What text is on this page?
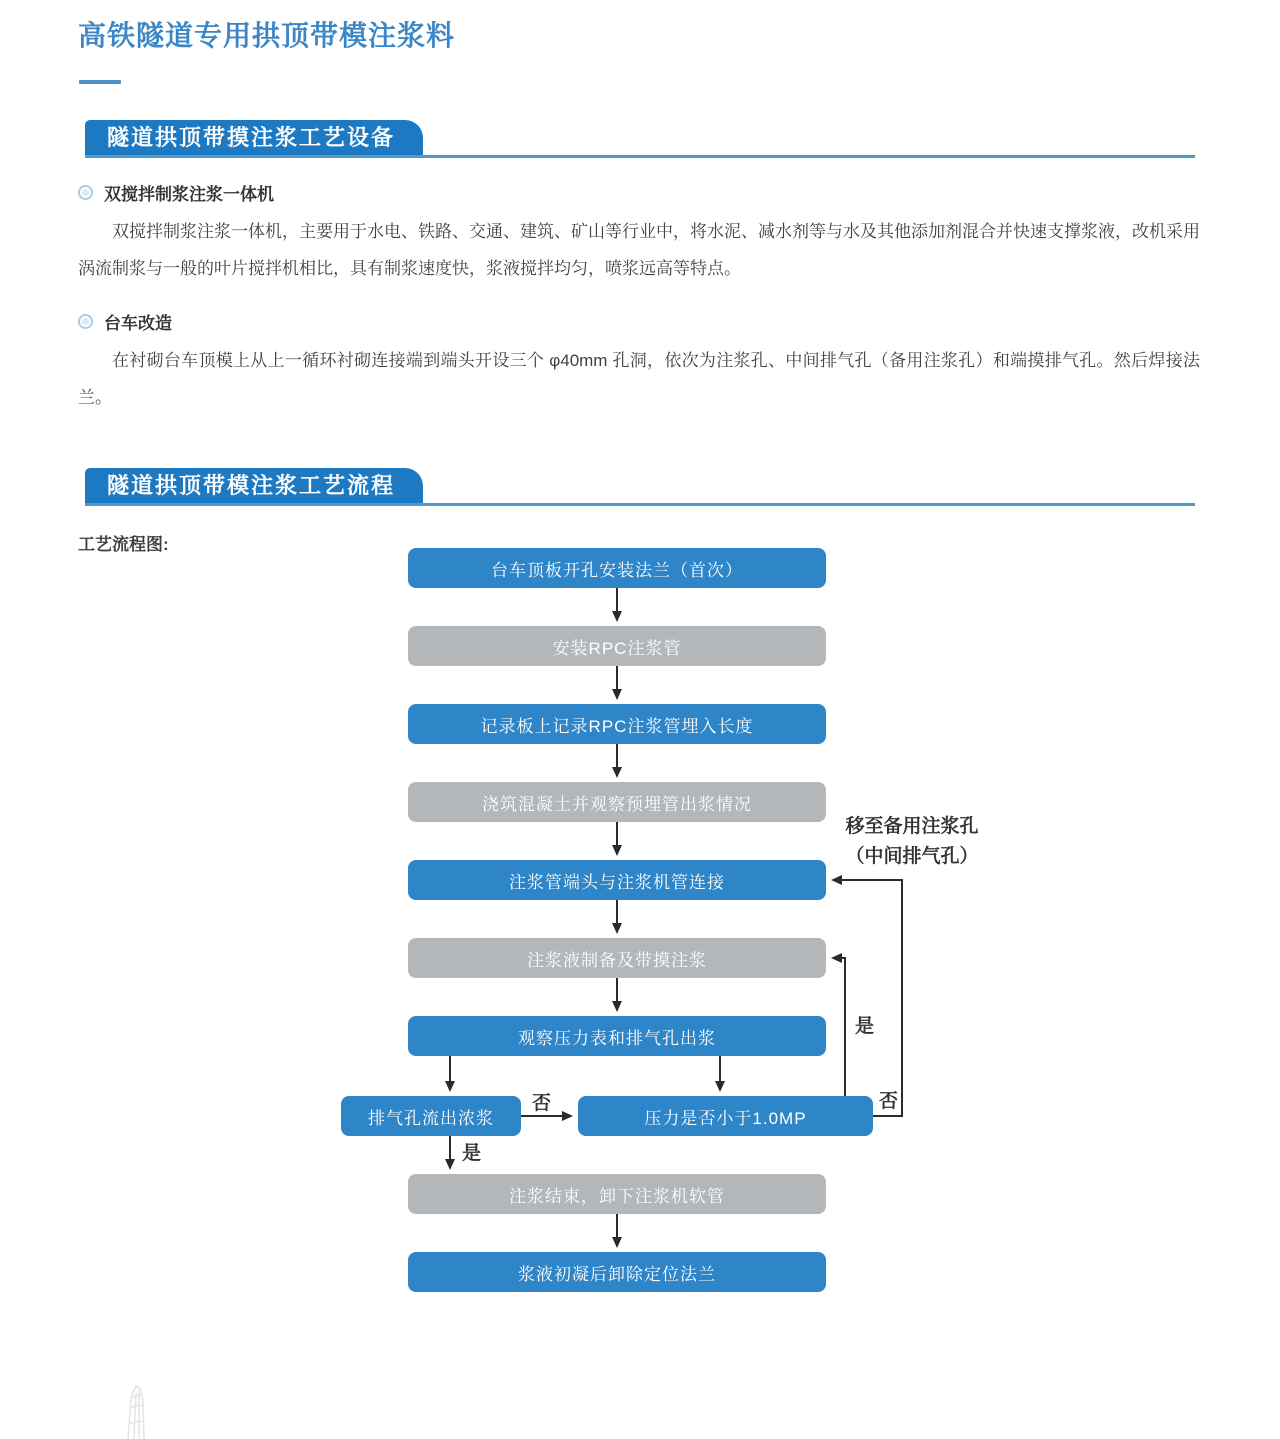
高铁隧道专用拱顶带模注浆料
隧道拱顶带摸注浆工艺设备
双搅拌制浆注浆一体机

双搅拌制浆注浆一体机，主要用于水电、铁路、交通、建筑、矿山等行业中，将水泥、减水剂等与水及其他添加剂混合并快速支撑浆液，改机采用涡流制浆与一般的叶片搅拌机相比，具有制浆速度快，浆液搅拌均匀，喷浆远高等特点。

台车改造

在衬砌台车顶模上从上一循环衬砌连接端到端头开设三个 φ40mm 孔洞，依次为注浆孔、中间排气孔（备用注浆孔）和端摸排气孔。然后焊接法兰。

隧道拱顶带模注浆工艺流程
工艺流程图:
台车顶板开孔安装法兰（首次）
安装RPC注浆管
记录板上记录RPC注浆管埋入长度
浇筑混凝土并观察预埋管出浆情况
注浆管端头与注浆机管连接
注浆液制备及带摸注浆
观察压力表和排气孔出浆
排气孔流出浓浆	压力是否小于1.0MP
注浆结束，卸下注浆机软管
浆液初凝后卸除定位法兰
否
是
是
否
移至备用注浆孔
（中间排气孔）
